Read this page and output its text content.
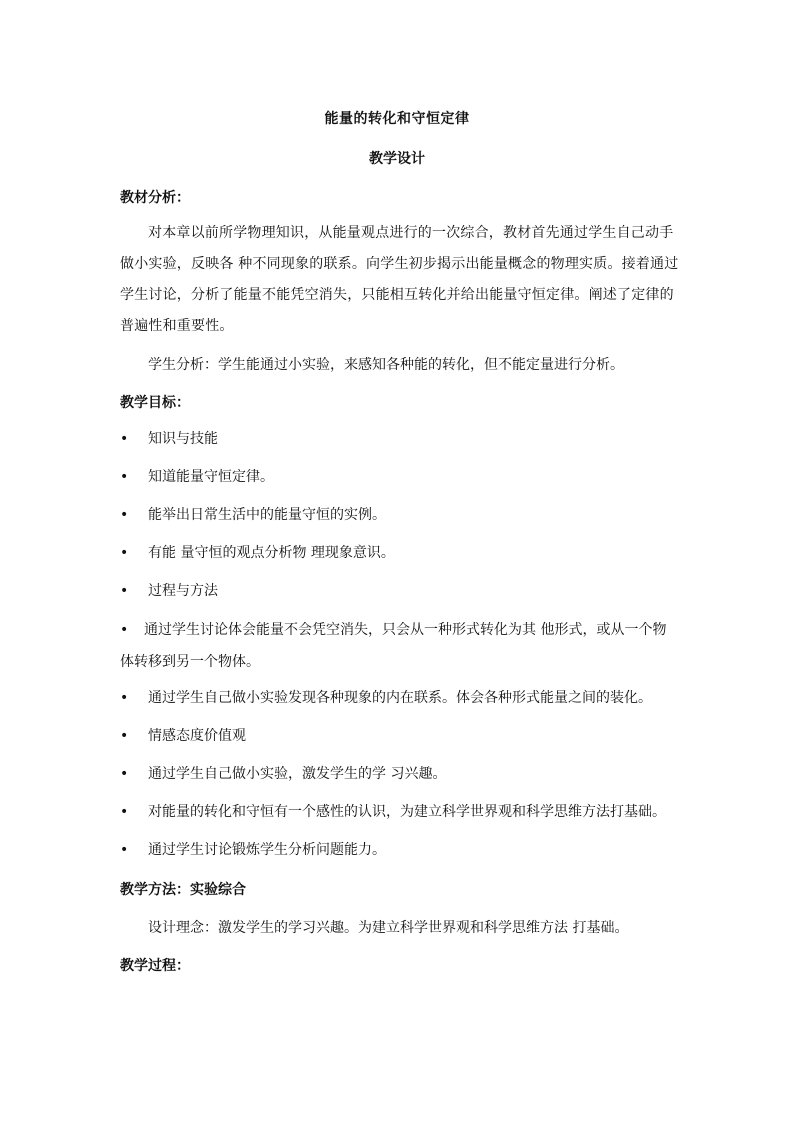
能量的转化和守恒定律
教学设计
教材分析：
对本章以前所学物理知识，从能量观点进行的一次综合，教材首先通过学生自己动手做小实验，反映各 种不同现象的联系。向学生初步揭示出能量概念的物理实质。接着通过学生讨论，分析了能量不能凭空消失，只能相互转化并给出能量守恒定律。阐述了定律的普遍性和重要性。
学生分析：学生能通过小实验，来感知各种能的转化，但不能定量进行分析。
教学目标：
• 知识与技能
• 知道能量守恒定律。
• 能举出日常生活中的能量守恒的实例。
• 有能 量守恒的观点分析物 理现象意识。
• 过程与方法
• 通过学生讨论体会能量不会凭空消失，只会从一种形式转化为其 他形式，或从一个物体转移到另一个物体。
• 通过学生自己做小实验发现各种现象的内在联系。体会各种形式能量之间的装化。
• 情感态度价值观
• 通过学生自己做小实验，激发学生的学 习兴趣。
• 对能量的转化和守恒有一个感性的认识，为建立科学世界观和科学思维方法打基础。
• 通过学生讨论锻炼学生分析问题能力。
教学方法：实验综合
设计理念：激发学生的学习兴趣。为建立科学世界观和科学思维方法 打基础。
教学过程：
